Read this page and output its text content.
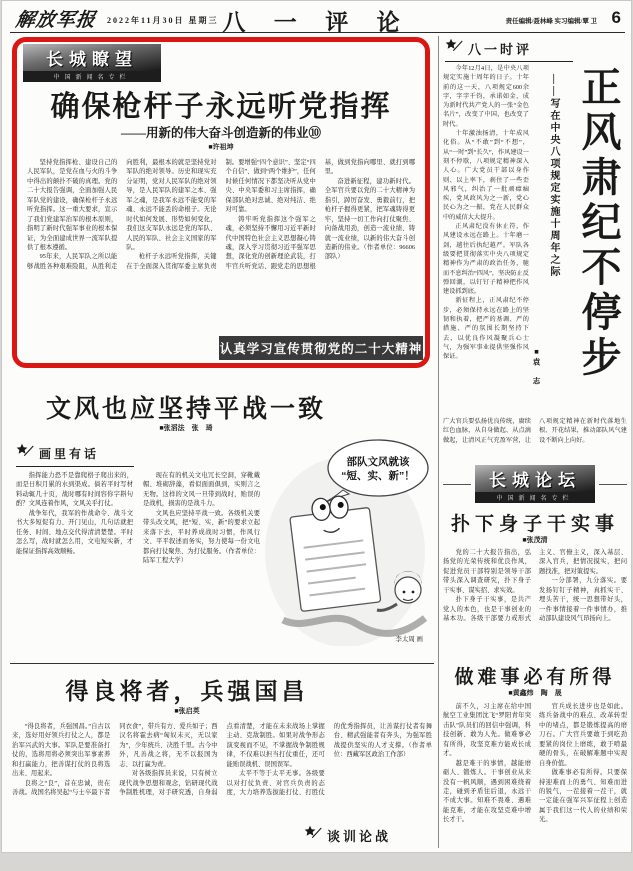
解放军报 2022年11月30日 星期三 八 一 评 论	责任编辑/聂林峰 实习编辑/覃 卫 6
长城瞭望
中国新闻名专栏
确保枪杆子永远听党指挥
——用新的伟大奋斗创造新的伟业⑩
■许祖坤

坚持党指挥枪、建设自己的人民军队，是党在血与火的斗争中得出的颠扑不破的真理。党的二十大报告强调，全面加强人民军队党的建设，确保枪杆子永远听党指挥。这一重大要求，宣示了我们党建军治军的根本原则，指明了新时代强军事业的根本保证，为全面建成世界一流军队提供了根本遵循。

95年来，人民军队之所以能够战胜各种艰难险阻，从胜利走向胜利，最根本的就是坚持党对军队的绝对领导。历史和现实充分证明，党对人民军队的绝对领导，是人民军队的建军之本、强军之魂，是我军永远不能变的军魂、永远不能丢的命根子。无论时代如何发展、形势如何变化，我们这支军队永远是党的军队、人民的军队、社会主义国家的军队。

枪杆子永远听党指挥，关键在于全面深入贯彻军委主席负责制。要增强“四个意识”、坚定“四个自信”、做到“两个维护”，任何时候任何情况下都坚决听从党中央、中央军委和习主席指挥，确保部队绝对忠诚、绝对纯洁、绝对可靠。

铸牢听党指挥这个强军之魂，必须坚持不懈用习近平新时代中国特色社会主义思想凝心铸魂，深入学习贯彻习近平强军思想，深化党的创新理论武装，打牢官兵听党话、跟党走的思想根基，做到党指向哪里、就打到哪里。

奋进新征程，建功新时代。全军官兵要以党的二十大精神为指引，踔厉奋发、勇毅前行，把枪杆子握得更紧，把军魂铸得更牢，坚持一切工作向打仗聚焦、向备战用劲，创造一流业绩、铸就一流业绩，以新的伟大奋斗创造新的伟业。（作者单位：96606部队）

认真学习宣传贯彻党的二十大精神
文风也应坚持平战一致
■张滔法　张　琦
画里有话

指挥能力恐不是靠爬格子爬出来的，而是日积月累的水到渠成。倘若平时写材料动辄几十页，战时哪有时间容你字斟句酌？文风连着作风，文风关乎打仗。

战争年代，我军的作战命令、战斗文书大多短促有力、开门见山，几句话就把任务、时间、地点交代得清清楚楚。平时怎么写，战时就怎么用，文电短实新，才能保证指挥高效顺畅。

现在有的机关文电冗长空洞，穿靴戴帽、堆砌辞藻，看似面面俱到，实则言之无物。这样的文风一旦带到战时，贻误的是战机，损害的是战斗力。

文风也应坚持平战一致。各级机关要带头改文风，把“短、实、新”的要求立起来落下去，平时养成战时习惯，作风行文、平平叙述而务实，努力使每一份文电都向打仗聚焦、为打仗服务。（作者单位：陆军工程大学）

部队文风就该
“短、实、新”！
李太周 画
得良将者，兵强国昌
■张启英

“得良将者，兵强国昌。”自古以来，选好用好领兵打仗之人，都是治军兴武的大事。军队是要准备打仗的，选将用将必须突出军事素养和打赢能力，把善谋打仗的良将选出来、用起来。

良将之“良”，首在忠诚，贵在善战。战国名将吴起“与士卒最下者同衣食”，带兵有方、爱兵如子；西汉名将霍去病“匈奴未灭，无以家为”，少年统兵、决胜千里。古今中外，凡善战之将，无不以报国为志、以打赢为责。

对各级指挥员来说，只有树立现代战争思想和观念，钻研现代战争制胜机理，对手研究透，自身弱点看清楚，才能在未来战场上掌握主动、克敌制胜。如果对战争形态演变视而不见，不掌握战争制胜规律，不仅难以担当打仗重任，还可能贻误战机、误国误军。

太平不等于太平无事。各级要以对打仗负责、对官兵负责的态度，大力培养选拔能打仗、打胜仗的优秀指挥员，让善谋打仗者有舞台、精武强能者有奔头，为强军胜战提供坚实的人才支撑。（作者单位：西藏军区政治工作部）

谈训论战
八一时评

今年12月4日，是中央八项规定实施十周年的日子。十年前的这一天，八项规定600余字，字字千钧，承诺如金，成为新时代共产党人的一张“金色名片”，改变了中国，也改变了时代。

十年激浊扬清，十年成风化俗。从“不敢”到“不想”，从“一时”到“长久”，作风建设一刻不停歇，八项规定精神深入人心。广大党员干部以身作则、以上率下，刹住了一些歪风邪气，纠治了一批顽瘴痼疾，党风政风为之一新，党心民心为之一振，党在人民群众中的威信大大提升。

正风肃纪没有休止符，作风建设永远在路上。十年磨一剑，越往后执纪越严。军队各级要把贯彻落实中央八项规定精神作为严肃的政治任务，驰而不息纠治“四风”，坚决防止反弹回潮，以钉钉子精神把作风建设抓到底。

新征程上，正风肃纪不停步，必须保持永远在路上的坚韧和执着，把严的基调、严的措施、严的氛围长期坚持下去，以优良作风凝聚兵心士气，为强军事业提供坚强作风保证。	■袁　志
——写在中央八项规定实施十周年之际 正风肃纪不停步
广大官兵要弘扬优良传统，赓续红色血脉，从自身做起、从点滴做起，让清风正气充盈军营，让八项规定精神在新时代落地生根、开花结果，推动部队风气建设不断向上向好。
长城论坛
中国新闻名专栏
扑下身子干实事
■张茂清

党的二十大报告指出，弘扬党的光荣传统和优良作风，促进党员干部特别是领导干部带头深入调查研究，扑下身子干实事、谋实招、求实效。

扑下身子干实事，是共产党人的本色，也是干事创业的基本功。各级干部要力戒形式主义、官僚主义，深入基层、深入官兵，把情况摸实，把问题找准，把对策提实。

一分部署，九分落实。要发扬钉钉子精神，真抓实干、埋头苦干，统一思想带好头，一件事情接着一件事情办，推动部队建设风气昂扬向上。

做难事必有所得
■黄鑫炜　陶　晟

前不久，习主席在给中国航空工业集团沈飞“罗阳青年突击队”队员们的回信中强调，科技创新、敢为人先。做难事必有所得，攻坚克难方能成长成才。

越是难干的事情，越能磨砺人、锻炼人。干事创业从来没有一帆风顺，遇到困难绕着走，碰到矛盾往后退，永远干不成大事。知难不畏难、遇难能克难，才能在攻坚克难中增长才干。

官兵成长进步也是如此。练兵备战中的难点、改革转型中的堵点，都是锻炼提高的磨刀石。广大官兵要敢于到吃劲要紧的岗位上磨练，敢于啃最硬的骨头，在破解难题中实现自身价值。

做难事必有所得。只要保持迎难而上的勇气、知难而进的锐气，一茬接着一茬干，就一定能在强军兴军征程上创造属于我们这一代人的业绩和荣光。
